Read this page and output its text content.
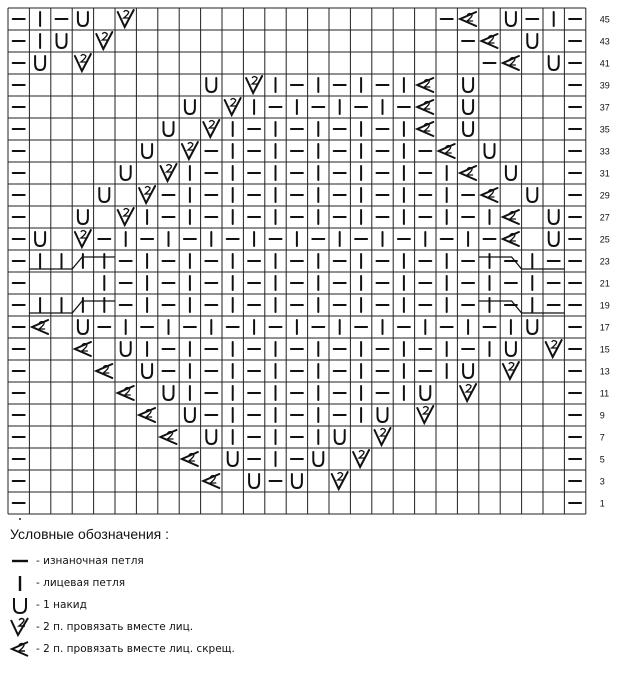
45
43
41
39
37
35
33
31
29
27
25
23
21
19
17
15
13
11
9
7
5
3
1
Условные обозначения :
- изнаночная петля
- лицевая петля
- 1 накид
- 2 п. провязать вместе лиц.
- 2 п. провязать вместе лиц. скрещ.
